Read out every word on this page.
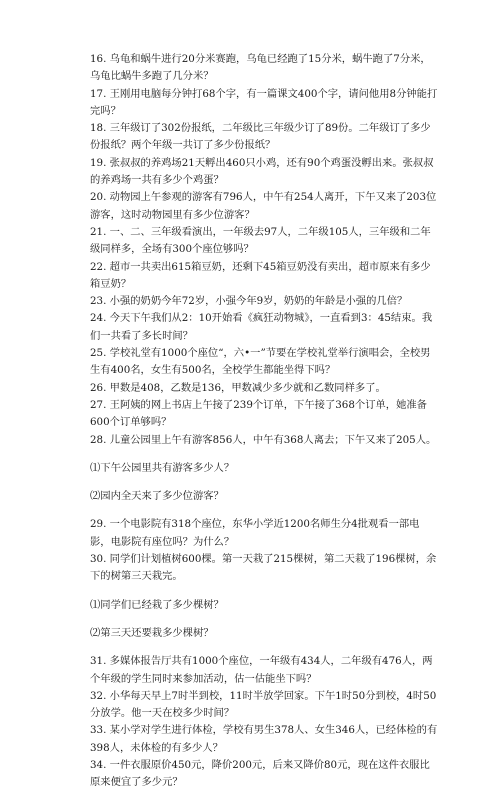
16. 乌龟和蜗牛进行20分米赛跑，乌龟已经跑了15分米，蜗牛跑了7分米，乌龟比蜗牛多跑了几分米？

17. 王刚用电脑每分钟打68个字，有一篇课文400个字，请问他用8分钟能打完吗？

18. 三年级订了302份报纸，二年级比三年级少订了89份。二年级订了多少份报纸？两个年级一共订了多少份报纸？

19. 张叔叔的养鸡场21天孵出460只小鸡，还有90个鸡蛋没孵出来。张叔叔的养鸡场一共有多少个鸡蛋？

20. 动物园上午参观的游客有796人，中午有254人离开，下午又来了203位游客，这时动物园里有多少位游客？

21. 一、二、三年级看演出，一年级去97人，二年级105人，三年级和二年级同样多，全场有300个座位够吗？

22. 超市一共卖出615箱豆奶，还剩下45箱豆奶没有卖出，超市原来有多少箱豆奶？

23. 小强的奶奶今年72岁，小强今年9岁，奶奶的年龄是小强的几倍？

24. 今天下午我们从2：10开始看《疯狂动物城》，一直看到3：45结束。我们一共看了多长时间？

25. 学校礼堂有1000个座位“，六•一”节要在学校礼堂举行演唱会，全校男生有400名，女生有500名，全校学生都能坐得下吗？

26. 甲数是408，乙数是136，甲数减少多少就和乙数同样多了。

27. 王阿姨的网上书店上午接了239个订单，下午接了368个订单，她准备600个订单够吗？

28. 儿童公园里上午有游客856人，中午有368人离去；下午又来了205人。

⑴下午公园里共有游客多少人？

⑵园内全天来了多少位游客？

29. 一个电影院有318个座位，东华小学近1200名师生分4批观看一部电影，电影院有座位吗？为什么？

30. 同学们计划植树600棵。第一天栽了215棵树，第二天栽了196棵树，余下的树第三天栽完。

⑴同学们已经栽了多少棵树？

⑵第三天还要栽多少棵树？

31. 多媒体报告厅共有1000个座位，一年级有434人，二年级有476人，两个年级的学生同时来参加活动，估一估能坐下吗？

32. 小华每天早上7时半到校，11时半放学回家。下午1时50分到校，4时50分放学。他一天在校多少时间？

33. 某小学对学生进行体检，学校有男生378人、女生346人，已经体检的有398人，未体检的有多少人？

34. 一件衣服原价450元，降价200元，后来又降价80元，现在这件衣服比原来便宜了多少元？
